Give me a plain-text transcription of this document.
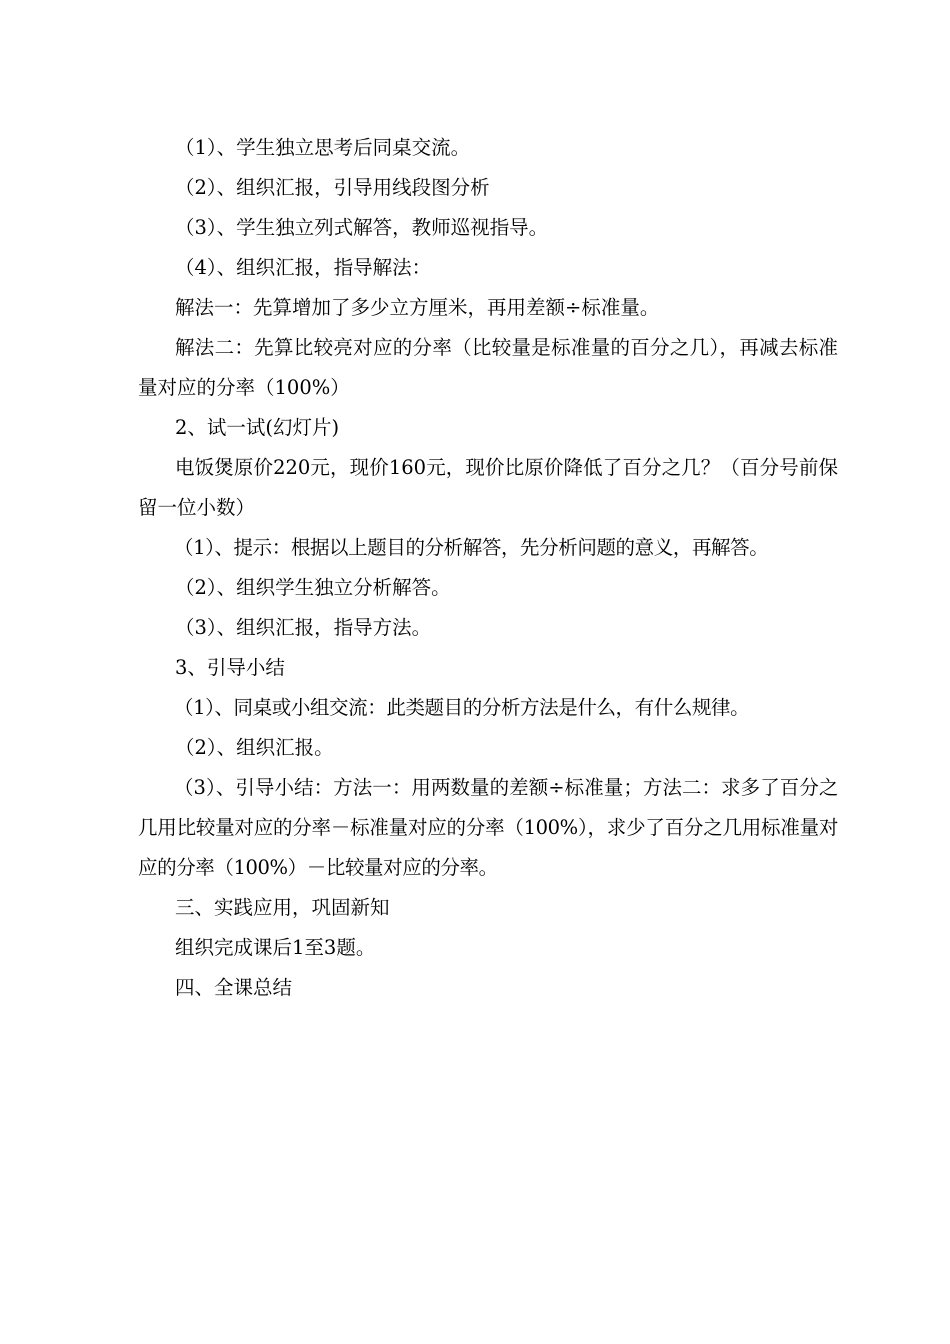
（1）、学生独立思考后同桌交流。

（2）、组织汇报，引导用线段图分析

（3）、学生独立列式解答，教师巡视指导。

（4）、组织汇报，指导解法：

解法一：先算增加了多少立方厘米，再用差额÷标准量。

解法二：先算比较亮对应的分率（比较量是标准量的百分之几），再减去标准量对应的分率（100%）

2、试一试(幻灯片)

电饭煲原价220元，现价160元，现价比原价降低了百分之几？（百分号前保留一位小数）

（1）、提示：根据以上题目的分析解答，先分析问题的意义，再解答。

（2）、组织学生独立分析解答。

（3）、组织汇报，指导方法。

3、引导小结

（1）、同桌或小组交流：此类题目的分析方法是什么，有什么规律。

（2）、组织汇报。

（3）、引导小结：方法一：用两数量的差额÷标准量；方法二：求多了百分之几用比较量对应的分率－标准量对应的分率（100%），求少了百分之几用标准量对应的分率（100%）－比较量对应的分率。

三、实践应用，巩固新知

组织完成课后1至3题。

四、全课总结
